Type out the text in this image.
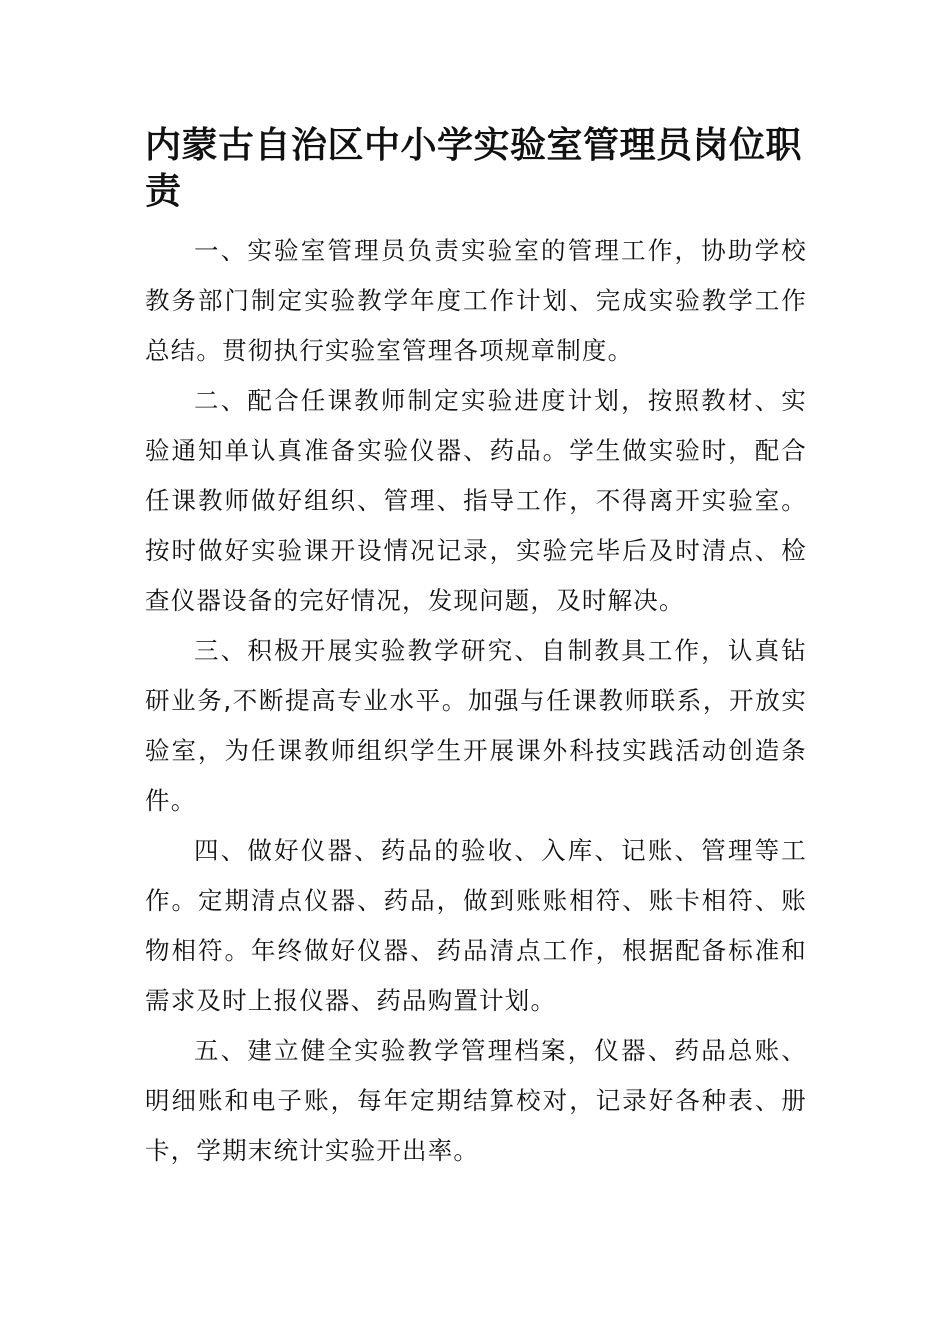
内蒙古自治区中小学实验室管理员岗位职责

一、实验室管理员负责实验室的管理工作，协助学校教务部门制定实验教学年度工作计划、完成实验教学工作总结。贯彻执行实验室管理各项规章制度。

二、配合任课教师制定实验进度计划，按照教材、实验通知单认真准备实验仪器、药品。学生做实验时，配合任课教师做好组织、管理、指导工作，不得离开实验室。按时做好实验课开设情况记录，实验完毕后及时清点、检查仪器设备的完好情况，发现问题，及时解决。

三、积极开展实验教学研究、自制教具工作，认真钻研业务,不断提高专业水平。加强与任课教师联系，开放实验室，为任课教师组织学生开展课外科技实践活动创造条件。

四、做好仪器、药品的验收、入库、记账、管理等工作。定期清点仪器、药品，做到账账相符、账卡相符、账物相符。年终做好仪器、药品清点工作，根据配备标准和需求及时上报仪器、药品购置计划。

五、建立健全实验教学管理档案，仪器、药品总账、明细账和电子账，每年定期结算校对，记录好各种表、册卡，学期末统计实验开出率。
